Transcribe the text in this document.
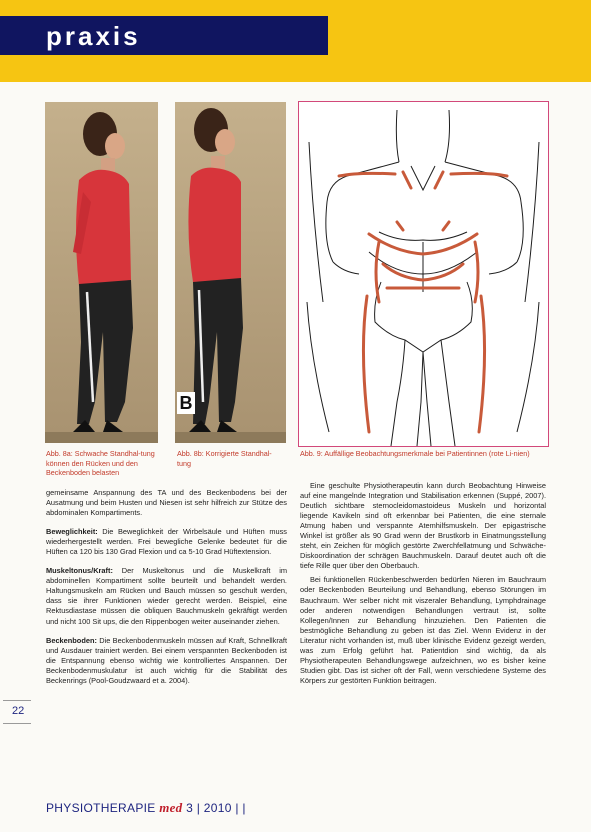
praxis
B
Abb. 8a: Schwache Standhal-tung können den Rücken und den Beckenboden belasten
Abb. 8b: Korrigierte Standhal-tung
Abb. 9: Auffällige Beobachtungsmerkmale bei Patientinnen (rote Li-nien)

gemeinsame Anspannung des TA und des Beckenbodens bei der Ausatmung und beim Husten und Niesen ist sehr hilfreich zur Stütze des abdominalen Kompartiments.

Beweglichkeit: Die Beweglichkeit der Wirbelsäule und Hüften muss wiederhergestellt werden. Frei bewegliche Gelenke bedeutet für die Hüften ca 120 bis 130 Grad Flexion und ca 5-10 Grad Hüftextension.

Muskeltonus/Kraft: Der Muskeltonus und die Muskelkraft im abdominellen Kompartiment sollte beurteilt und behandelt werden. Haltungsmuskeln am Rücken und Bauch müssen so geschult werden, dass sie ihrer Funktionen wieder gerecht werden. Beispiel, eine Rektusdiastase müssen die obliquen Bauchmuskeln gekräftigt werden und nicht 100 Sit ups, die den Rippenbogen weiter auseinander ziehen.

Beckenboden: Die Beckenbodenmuskeln müssen auf Kraft, Schnellkraft und Ausdauer trainiert werden. Bei einem verspannten Beckenboden ist die Entspannung ebenso wichtig wie kontrolliertes Anspannen. Der Beckenbodenmuskulatur ist auch wichtig für die Stabilität des Beckenrings (Pool-Goudzwaard et a. 2004).

Eine geschulte Physiotherapeutin kann durch Beobachtung Hinweise auf eine mangelnde Integration und Stabilisation erkennen (Suppé, 2007). Deutlich sichtbare sternocleidomastoideus Muskeln und horizontal liegende Kavikeln sind oft erkennbar bei Patienten, die eine sternale Atmung haben und verspannte Atemhilfsmuskeln. Der epigastrische Winkel ist größer als 90 Grad wenn der Brustkorb in Einatmungsstellung steht, ein Zeichen für möglich gestörte Zwerchfellatmung und Schwäche-Diskoordination der schrägen Bauchmuskeln. Darauf deutet auch oft die tiefe Rille quer über den Oberbauch.

Bei funktionellen Rückenbeschwerden bedürfen Nieren im Bauchraum oder Beckenboden Beurteilung und Behandlung, ebenso Störungen im Bauchraum. Wer selber nicht mit viszeraler Behandlung, Lymphdrainage oder anderen notwendigen Behandlungen vertraut ist, sollte Kollegen/Innen zur Behandlung hinzuziehen. Den Patienten die bestmögliche Behandlung zu geben ist das Ziel. Wenn Evidenz in der Literatur nicht vorhanden ist, muß über klinische Evidenz gezeigt werden, was zum Erfolg geführt hat. Patientdion sind wichtig, da als Physiotherapeuten Behandlungswege aufzeichnen, wo es bisher keine Studien gibt. Das ist sicher oft der Fall, wenn verschiedene Systeme des Körpers zur gestörten Funktion beitragen.

22
PHYSIOTHERAPIE med 3 | 2010 | |
